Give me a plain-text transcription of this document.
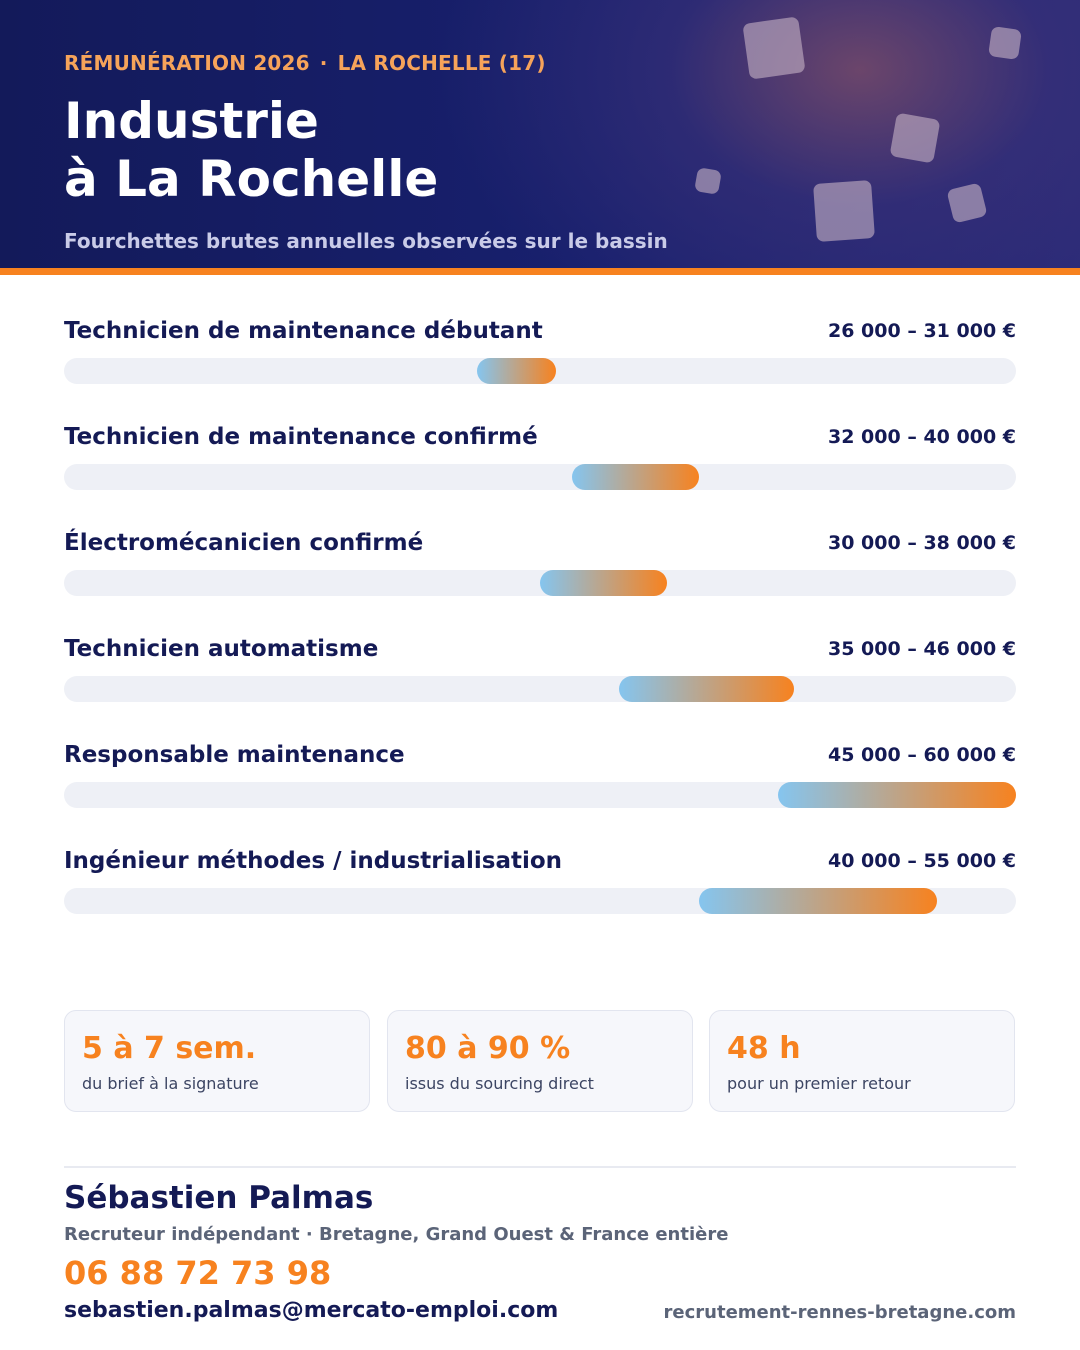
RÉMUNÉRATION 2026 · LA ROCHELLE (17)
Industrie
à La Rochelle
Fourchettes brutes annuelles observées sur le bassin
Technicien de maintenance débutant	26 000 – 31 000 €
Technicien de maintenance confirmé	32 000 – 40 000 €
Électromécanicien confirmé	30 000 – 38 000 €
Technicien automatisme	35 000 – 46 000 €
Responsable maintenance	45 000 – 60 000 €
Ingénieur méthodes / industrialisation	40 000 – 55 000 €
5 à 7 sem.
du brief à la signature
80 à 90 %
issus du sourcing direct
48 h
pour un premier retour
Sébastien Palmas
Recruteur indépendant · Bretagne, Grand Ouest & France entière
06 88 72 73 98
sebastien.palmas@mercato-emploi.com	recrutement-rennes-bretagne.com
